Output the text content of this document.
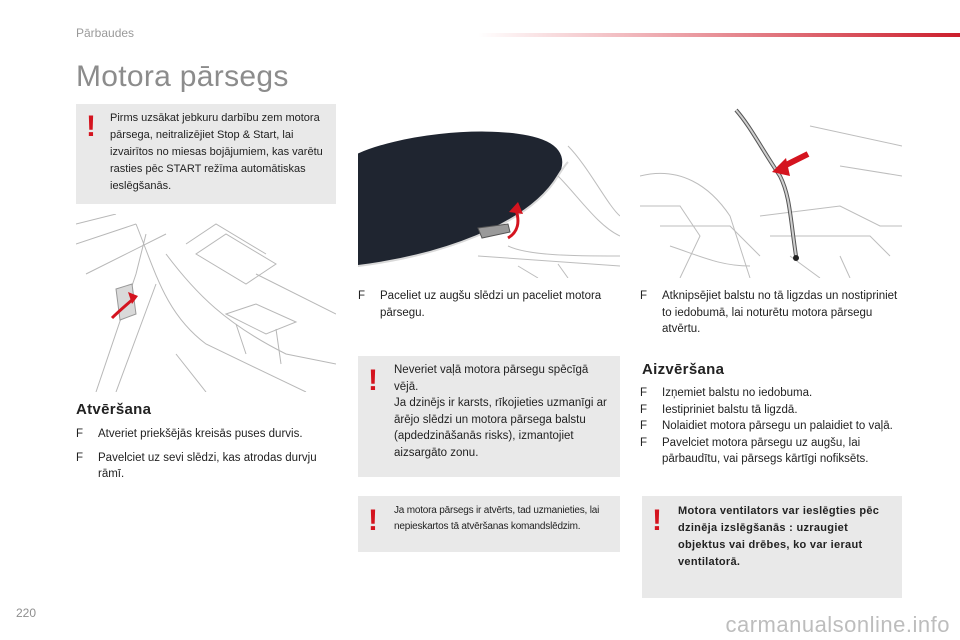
Pārbaudes
Motora pārsegs
! Pirms uzsākat jebkuru darbību zem motora pārsega, neitralizējiet Stop & Start, lai izvairītos no miesas bojājumiem, kas varētu rasties pēc START režīma automātiskas ieslēgšanās.
Atvēršana
F	Atveriet priekšējās kreisās puses durvis.
F	Pavelciet uz sevi slēdzi, kas atrodas durvju rāmī.
F	Paceliet uz augšu slēdzi un paceliet motora pārsegu.
! Neveriet vaļā motora pārsegu spēcīgā vējā.
Ja dzinējs ir karsts, rīkojieties uzmanīgi ar ārējo slēdzi un motora pārsega balstu (apdedzināšanās risks), izmantojiet aizsargāto zonu.
! Ja motora pārsegs ir atvērts, tad uzmanieties, lai nepieskartos tā atvēršanas komandslēdzim.
F	Atknipsējiet balstu no tā ligzdas un nostipriniet to iedobumā, lai noturētu motora pārsegu atvērtu.
Aizvēršana
F	Izņemiet balstu no iedobuma.
F	Iestipriniet balstu tā ligzdā.
F	Nolaidiet motora pārsegu un palaidiet to vaļā.
F	Pavelciet motora pārsegu uz augšu, lai pārbaudītu, vai pārsegs kārtīgi nofiksēts.
! Motora ventilators var ieslēgties pēc dzinēja izslēgšanās : uzraugiet objektus vai drēbes, ko var ieraut ventilatorā.
220	carmanualsonline.info
